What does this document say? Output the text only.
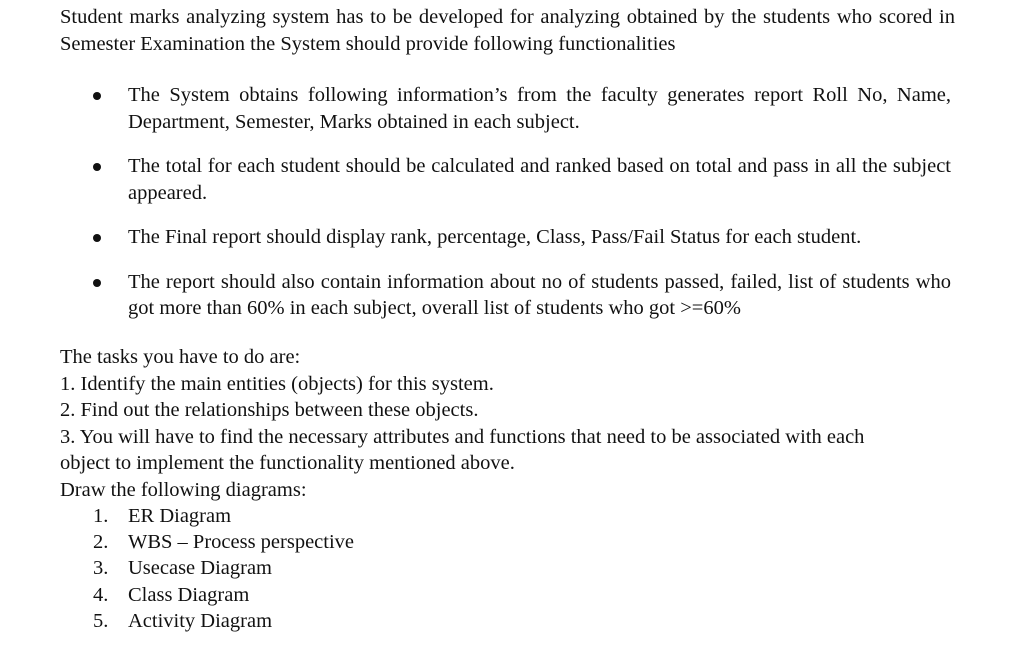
Student marks analyzing system has to be developed for analyzing obtained by the students who scored in Semester Examination the System should provide following functionalities

The System obtains following information’s from the faculty generates report Roll No, Name, Department, Semester, Marks obtained in each subject.
The total for each student should be calculated and ranked based on total and pass in all the subject appeared.
The Final report should display rank, percentage, Class, Pass/Fail Status for each student.
The report should also contain information about no of students passed, failed, list of students who got more than 60% in each subject, overall list of students who got >=60%
The tasks you have to do are:
1. Identify the main entities (objects) for this system.
2. Find out the relationships between these objects.
3. You will have to find the necessary attributes and functions that need to be associated with each object to implement the functionality mentioned above.
Draw the following diagrams:
1. ER Diagram
2. WBS – Process perspective
3. Usecase Diagram
4. Class Diagram
5. Activity Diagram
